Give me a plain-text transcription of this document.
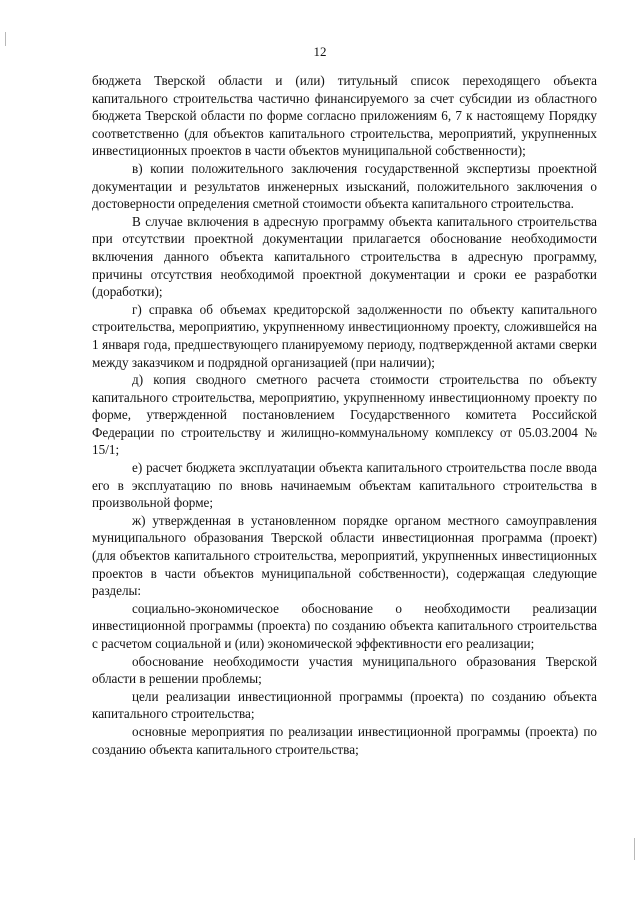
12

бюджета Тверской области и (или) титульный список переходящего объекта капитального строительства частично финансируемого за счет субсидии из областного бюджета Тверской области по форме согласно приложениям 6, 7 к настоящему Порядку соответственно (для объектов капитального строительства, мероприятий, укрупненных инвестиционных проектов в части объектов муниципальной собственности);

в) копии положительного заключения государственной экспертизы проектной документации и результатов инженерных изысканий, положительного заключения о достоверности определения сметной стоимости объекта капитального строительства.

В случае включения в адресную программу объекта капитального строительства при отсутствии проектной документации прилагается обоснование необходимости включения данного объекта капитального строительства в адресную программу, причины отсутствия необходимой проектной документации и сроки ее разработки (доработки);

г) справка об объемах кредиторской задолженности по объекту капитального строительства, мероприятию, укрупненному инвестиционному проекту, сложившейся на 1 января года, предшествующего планируемому периоду, подтвержденной актами сверки между заказчиком и подрядной организацией (при наличии);

д) копия сводного сметного расчета стоимости строительства по объекту капитального строительства, мероприятию, укрупненному инвестиционному проекту по форме, утвержденной постановлением Государственного комитета Российской Федерации по строительству и жилищно-коммунальному комплексу от 05.03.2004 № 15/1;

е) расчет бюджета эксплуатации объекта капитального строительства после ввода его в эксплуатацию по вновь начинаемым объектам капитального строительства в произвольной форме;

ж) утвержденная в установленном порядке органом местного самоуправления муниципального образования Тверской области инвестиционная программа (проект) (для объектов капитального строительства, мероприятий, укрупненных инвестиционных проектов в части объектов муниципальной собственности), содержащая следующие разделы:

социально-экономическое обоснование о необходимости реализации инвестиционной программы (проекта) по созданию объекта капитального строительства с расчетом социальной и (или) экономической эффективности его реализации;

обоснование необходимости участия муниципального образования Тверской области в решении проблемы;

цели реализации инвестиционной программы (проекта) по созданию объекта капитального строительства;

основные мероприятия по реализации инвестиционной программы (проекта) по созданию объекта капитального строительства;
